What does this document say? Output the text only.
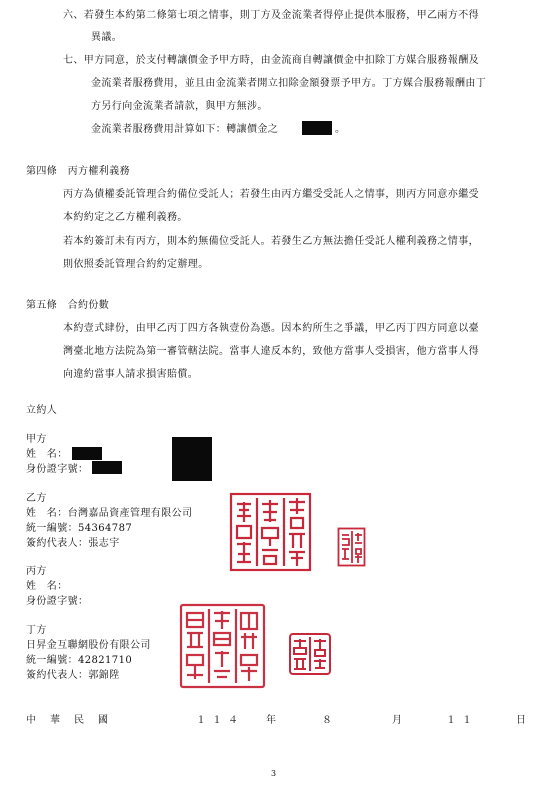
六、若發生本約第二條第七項之情事，則丁方及金流業者得停止提供本服務，甲乙兩方不得
異議。
七、甲方同意，於支付轉讓價金予甲方時，由金流商自轉讓價金中扣除丁方媒合服務報酬及
金流業者服務費用，並且由金流業者開立扣除金額發票予甲方。丁方媒合服務報酬由丁
方另行向金流業者請款，與甲方無涉。
金流業者服務費用計算如下：轉讓價金之	。
第四條　丙方權利義務
丙方為債權委託管理合約備位受託人；若發生由丙方繼受受託人之情事，則丙方同意亦繼受
本約約定之乙方權利義務。
若本約簽訂未有丙方，則本約無備位受託人。若發生乙方無法擔任受託人權利義務之情事，
則依照委託管理合約約定辦理。
第五條　合約份數
本約壹式肆份，由甲乙丙丁四方各執壹份為憑。因本約所生之爭議，甲乙丙丁四方同意以臺
灣臺北地方法院為第一審管轄法院。當事人違反本約，致他方當事人受損害，他方當事人得
向違約當事人請求損害賠償。
立約人
甲方
姓　名：
身份證字號：
乙方
姓　名：台灣嘉品資產管理有限公司
統一編號：54364787
簽約代表人：張志宇
丙方
姓　名：
身份證字號：
丁方
日昇金互聯網股份有限公司
統一編號：42821710
簽約代表人：郭錦陞
中 華 民 國	１１４ 年	８	月	１１	日
3
